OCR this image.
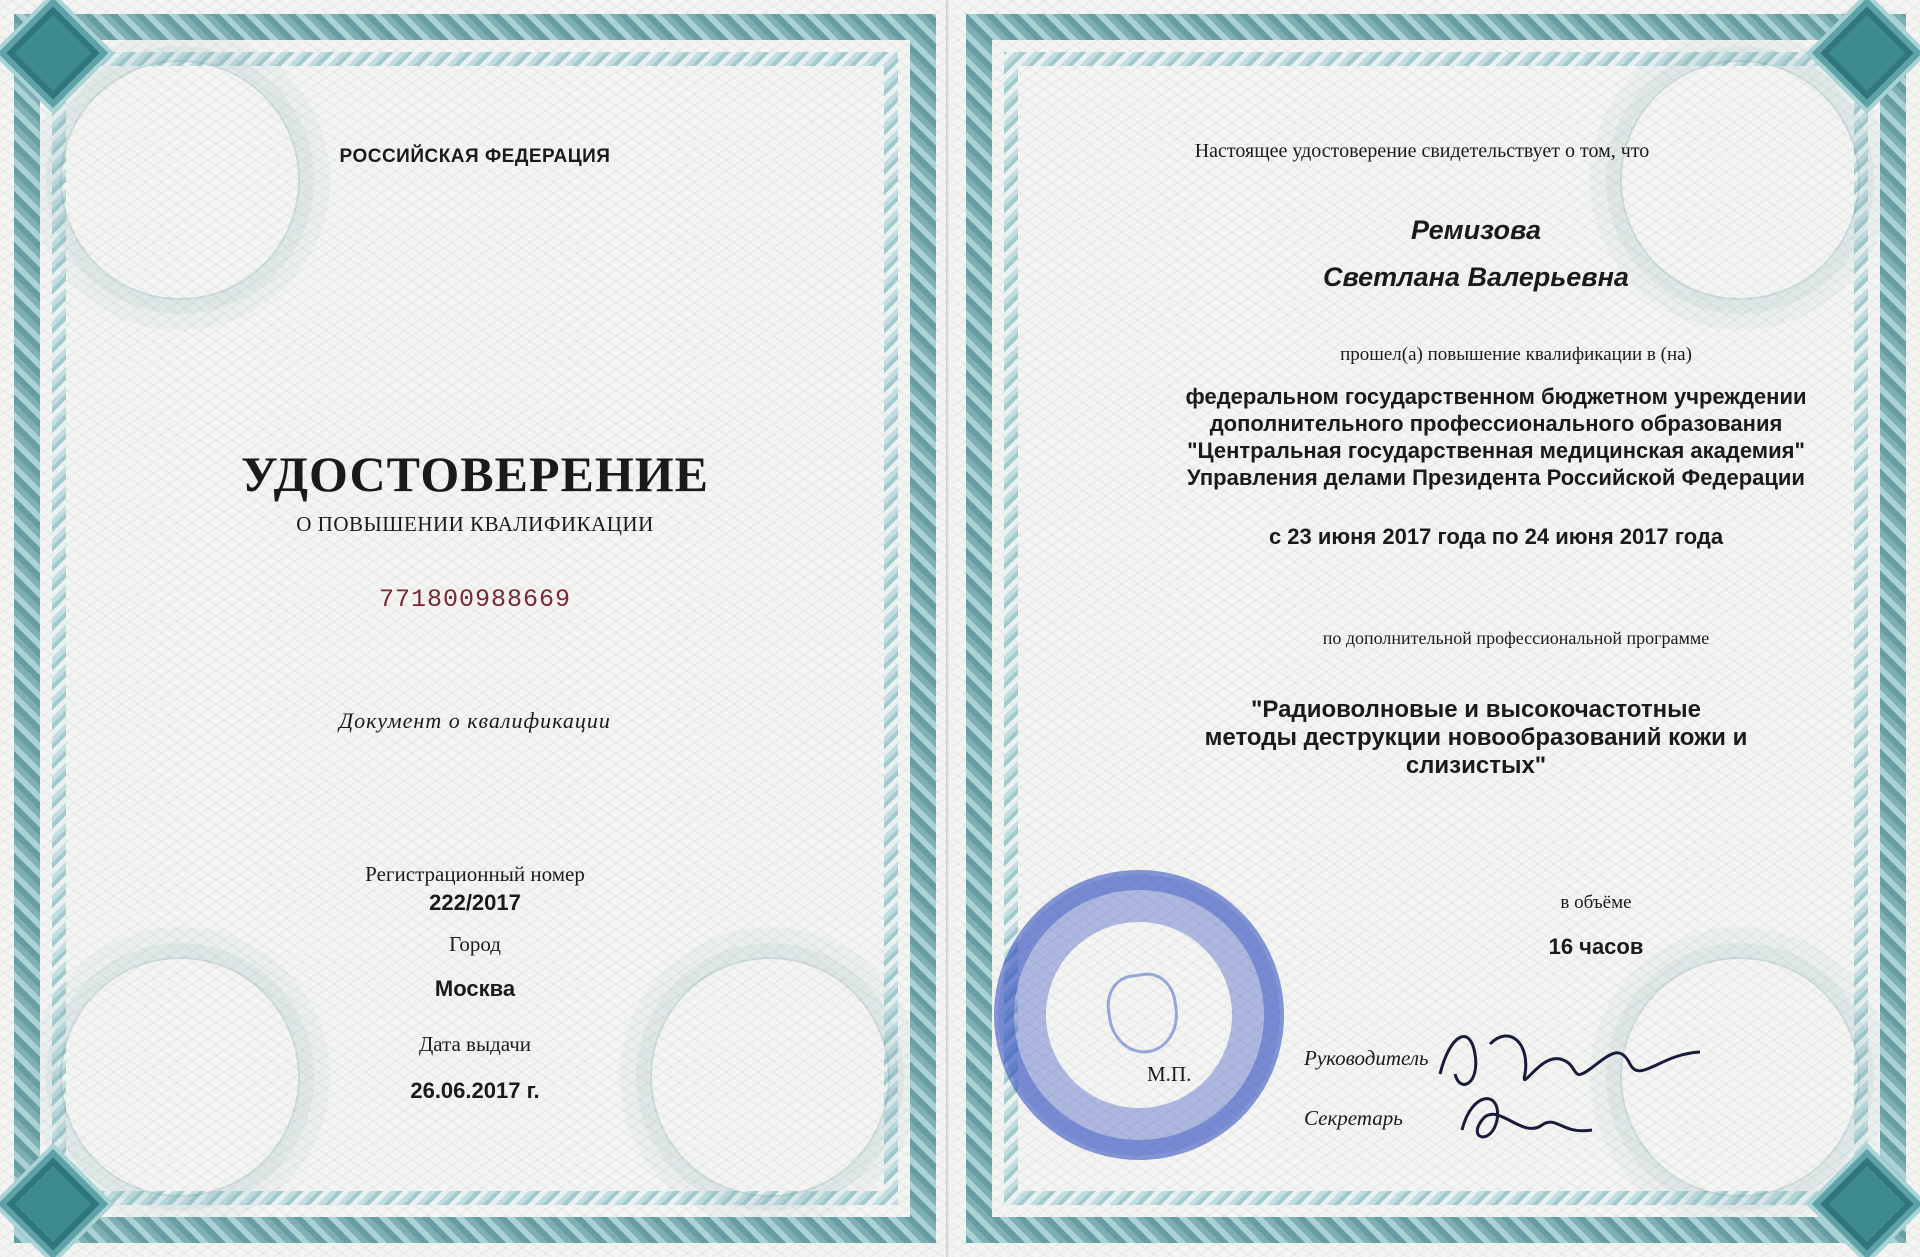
РОССИЙСКАЯ ФЕДЕРАЦИЯ
УДОСТОВЕРЕНИЕ
О ПОВЫШЕНИИ КВАЛИФИКАЦИИ
771800988669
Документ о квалификации
Регистрационный номер
222/2017
Город
Москва
Дата выдачи
26.06.2017 г.
Настоящее удостоверение свидетельствует о том, что
Ремизова
Светлана Валерьевна
прошел(а) повышение квалификации в (на)
федеральном государственном бюджетном учреждении
дополнительного профессионального образования
"Центральная государственная медицинская академия"
Управления делами Президента Российской Федерации
с 23 июня 2017 года по 24 июня 2017 года
по дополнительной профессиональной программе
"Радиоволновые и высокочастотные
методы деструкции новообразований кожи и
слизистых"
в объёме
16 часов
М.П.
Руководитель
Секретарь
